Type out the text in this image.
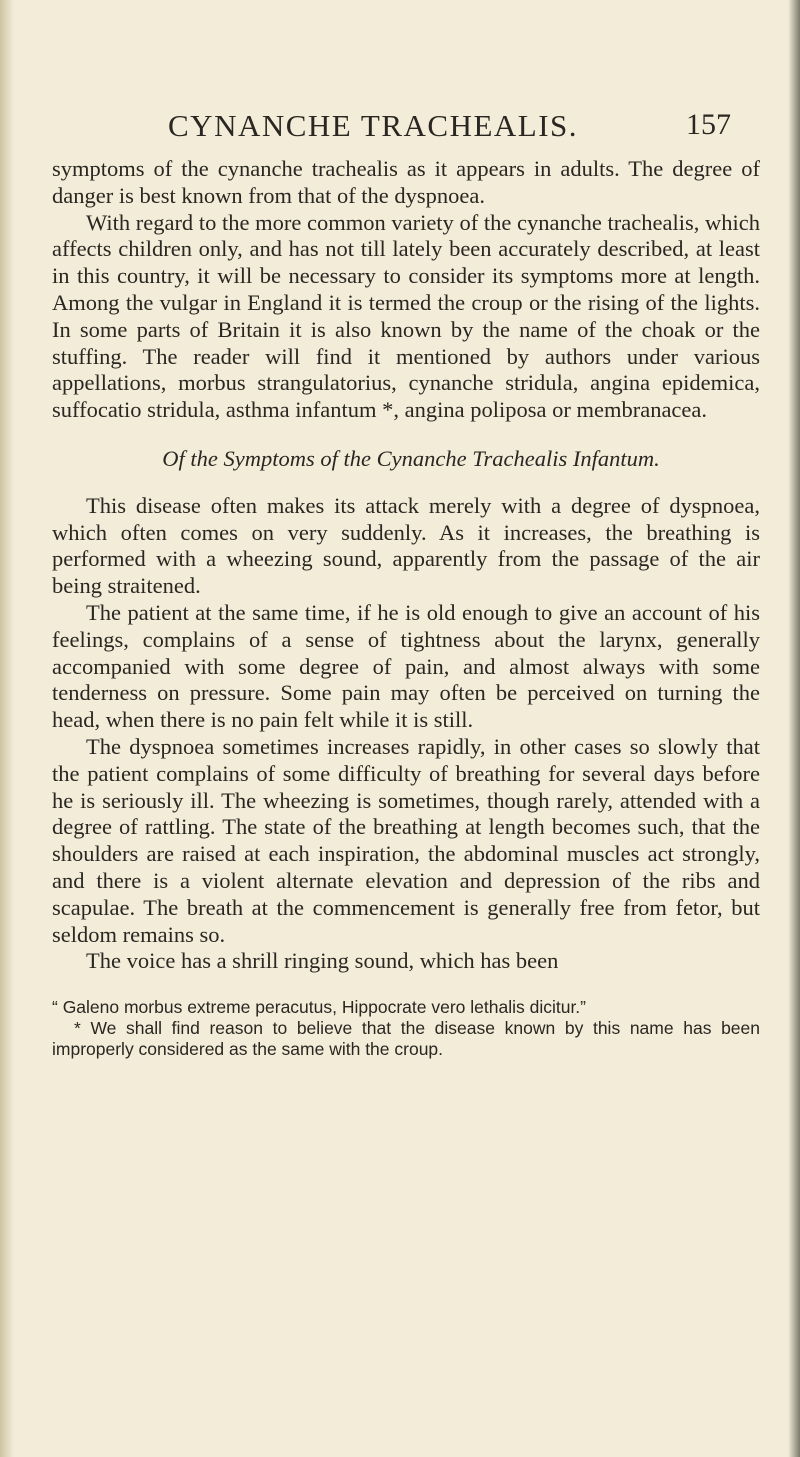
CYNANCHE TRACHEALIS.	157

symptoms of the cynanche trachealis as it appears in adults. The degree of danger is best known from that of the dyspnoea.

With regard to the more common variety of the cynanche trachealis, which affects children only, and has not till lately been accurately described, at least in this country, it will be necessary to consider its symptoms more at length. Among the vulgar in England it is termed the croup or the rising of the lights. In some parts of Britain it is also known by the name of the choak or the stuffing. The reader will find it mentioned by authors under various appellations, morbus strangulatorius, cynanche stridula, angina epidemica, suffocatio stridula, asthma infantum *, angina poliposa or membranacea.

Of the Symptoms of the Cynanche Trachealis Infantum.

This disease often makes its attack merely with a degree of dyspnoea, which often comes on very suddenly. As it increases, the breathing is performed with a wheezing sound, apparently from the passage of the air being straitened.

The patient at the same time, if he is old enough to give an account of his feelings, complains of a sense of tightness about the larynx, generally accompanied with some degree of pain, and almost always with some tenderness on pressure. Some pain may often be perceived on turning the head, when there is no pain felt while it is still.

The dyspnoea sometimes increases rapidly, in other cases so slowly that the patient complains of some difficulty of breathing for several days before he is seriously ill. The wheezing is sometimes, though rarely, attended with a degree of rattling. The state of the breathing at length becomes such, that the shoulders are raised at each inspiration, the abdominal muscles act strongly, and there is a violent alternate elevation and depression of the ribs and scapulae. The breath at the commencement is generally free from fetor, but seldom remains so.

The voice has a shrill ringing sound, which has been

“ Galeno morbus extreme peracutus, Hippocrate vero lethalis dicitur.”

* We shall find reason to believe that the disease known by this name has been improperly considered as the same with the croup.
